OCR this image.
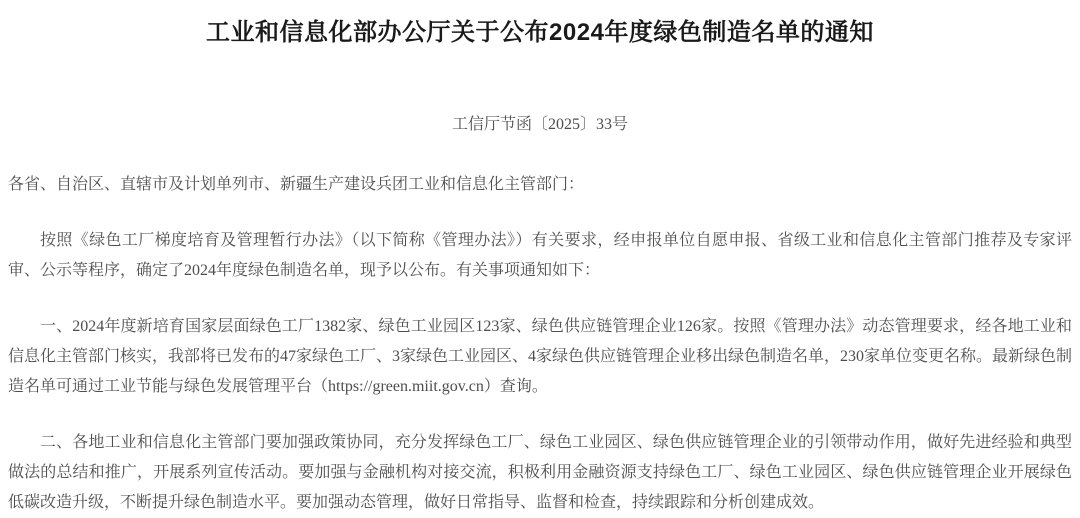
工业和信息化部办公厅关于公布2024年度绿色制造名单的通知
工信厅节函〔2025〕33号
各省、自治区、直辖市及计划单列市、新疆生产建设兵团工业和信息化主管部门：

按照《绿色工厂梯度培育及管理暂行办法》（以下简称《管理办法》）有关要求，经申报单位自愿申报、省级工业和信息化主管部门推荐及专家评审、公示等程序，确定了2024年度绿色制造名单，现予以公布。有关事项通知如下：

一、2024年度新培育国家层面绿色工厂1382家、绿色工业园区123家、绿色供应链管理企业126家。按照《管理办法》动态管理要求，经各地工业和信息化主管部门核实，我部将已发布的47家绿色工厂、3家绿色工业园区、4家绿色供应链管理企业移出绿色制造名单，230家单位变更名称。最新绿色制造名单可通过工业节能与绿色发展管理平台（https://green.miit.gov.cn）查询。

二、各地工业和信息化主管部门要加强政策协同，充分发挥绿色工厂、绿色工业园区、绿色供应链管理企业的引领带动作用，做好先进经验和典型做法的总结和推广，开展系列宣传活动。要加强与金融机构对接交流，积极利用金融资源支持绿色工厂、绿色工业园区、绿色供应链管理企业开展绿色低碳改造升级，不断提升绿色制造水平。要加强动态管理，做好日常指导、监督和检查，持续跟踪和分析创建成效。
